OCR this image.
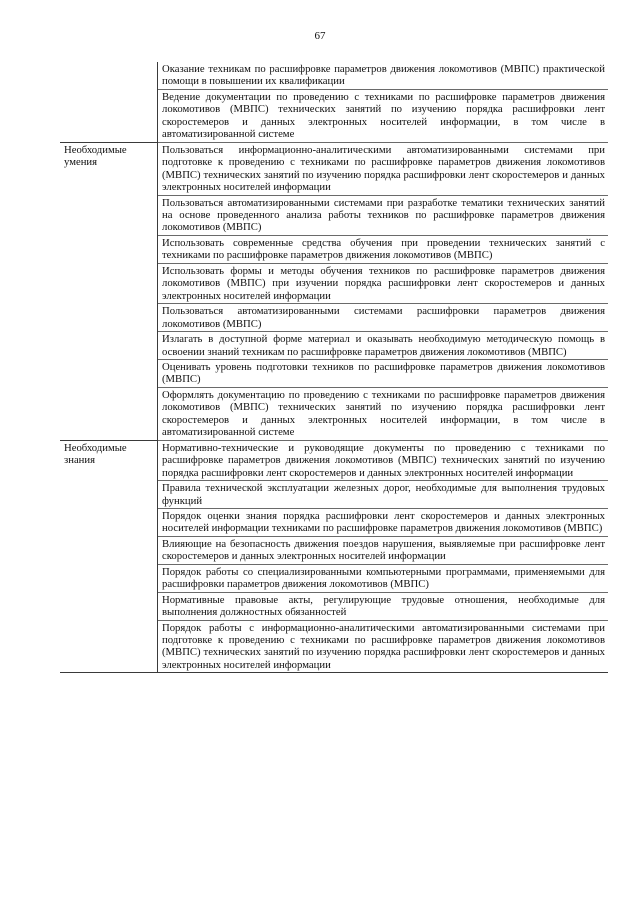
67
	Оказание техникам по расшифровке параметров движения локомотивов (МВПС) практической помощи в повышении их квалификации
	Ведение документации по проведению с техниками по расшифровке параметров движения локомотивов (МВПС) технических занятий по изучению порядка расшифровки лент скоростемеров и данных электронных носителей информации, в том числе в автоматизированной системе
Необходимые умения	Пользоваться информационно-аналитическими автоматизированными системами при подготовке к проведению с техниками по расшифровке параметров движения локомотивов (МВПС) технических занятий по изучению порядка расшифровки лент скоростемеров и данных электронных носителей информации
	Пользоваться автоматизированными системами при разработке тематики технических занятий на основе проведенного анализа работы техников по расшифровке параметров движения локомотивов (МВПС)
	Использовать современные средства обучения при проведении технических занятий с техниками по расшифровке параметров движения локомотивов (МВПС)
	Использовать формы и методы обучения техников по расшифровке параметров движения локомотивов (МВПС) при изучении порядка расшифровки лент скоростемеров и данных электронных носителей информации
	Пользоваться автоматизированными системами расшифровки параметров движения локомотивов (МВПС)
	Излагать в доступной форме материал и оказывать необходимую методическую помощь в освоении знаний техникам по расшифровке параметров движения локомотивов (МВПС)
	Оценивать уровень подготовки техников по расшифровке параметров движения локомотивов (МВПС)
	Оформлять документацию по проведению с техниками по расшифровке параметров движения локомотивов (МВПС) технических занятий по изучению порядка расшифровки лент скоростемеров и данных электронных носителей информации, в том числе в автоматизированной системе
Необходимые знания	Нормативно-технические и руководящие документы по проведению с техниками по расшифровке параметров движения локомотивов (МВПС) технических занятий по изучению порядка расшифровки лент скоростемеров и данных электронных носителей информации
	Правила технической эксплуатации железных дорог, необходимые для выполнения трудовых функций
	Порядок оценки знания порядка расшифровки лент скоростемеров и данных электронных носителей информации техниками по расшифровке параметров движения локомотивов (МВПС)
	Влияющие на безопасность движения поездов нарушения, выявляемые при расшифровке лент скоростемеров и данных электронных носителей информации
	Порядок работы со специализированными компьютерными программами, применяемыми для расшифровки параметров движения локомотивов (МВПС)
	Нормативные правовые акты, регулирующие трудовые отношения, необходимые для выполнения должностных обязанностей
	Порядок работы с информационно-аналитическими автоматизированными системами при подготовке к проведению с техниками по расшифровке параметров движения локомотивов (МВПС) технических занятий по изучению порядка расшифровки лент скоростемеров и данных электронных носителей информации
